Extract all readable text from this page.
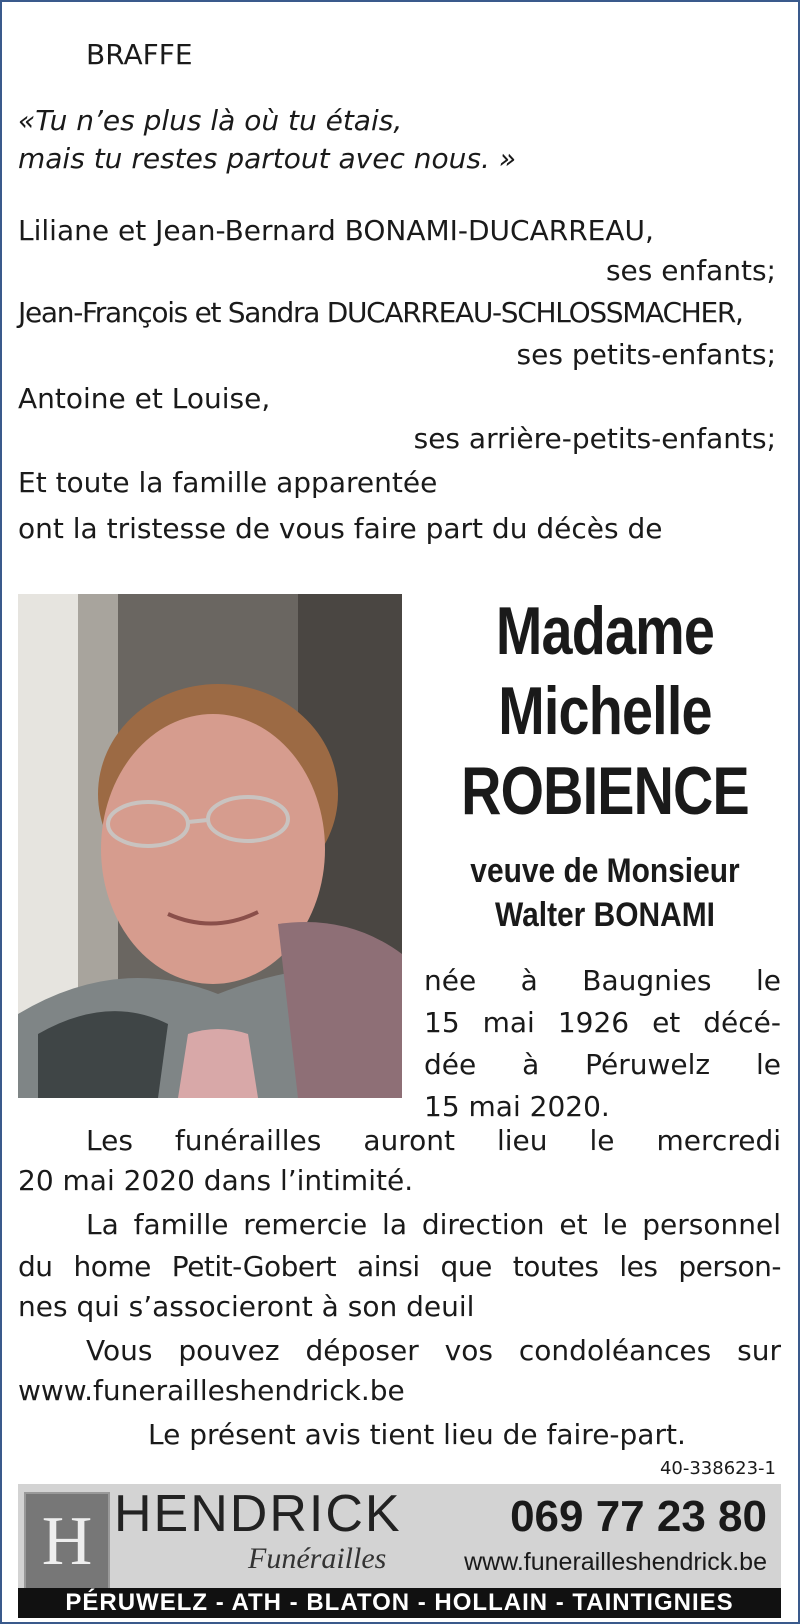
BRAFFE
«Tu n’es plus là où tu étais,
mais tu restes partout avec nous. »
Liliane et Jean-Bernard BONAMI-DUCARREAU,
ses enfants;
Jean-François et Sandra DUCARREAU-SCHLOSSMACHER,
ses petits-enfants;
Antoine et Louise,
ses arrière-petits-enfants;
Et toute la famille apparentée
ont la tristesse de vous faire part du décès de
Madame
Michelle
ROBIENCE
veuve de Monsieur
Walter BONAMI
née à Baugnies le
15 mai 1926 et décé-
dée à Péruwelz le
15 mai 2020.
Les funérailles auront lieu le mercredi
20 mai 2020 dans l’intimité.
La famille remercie la direction et le personnel
du home Petit-Gobert ainsi que toutes les person-
nes qui s’associeront à son deuil
Vous pouvez déposer vos condoléances sur
www.funerailleshendrick.be
Le présent avis tient lieu de faire-part.
40-338623-1
H HENDRICK
Funérailles
069 77 23 80
www.funerailleshendrick.be
PÉRUWELZ - ATH - BLATON - HOLLAIN - TAINTIGNIES
